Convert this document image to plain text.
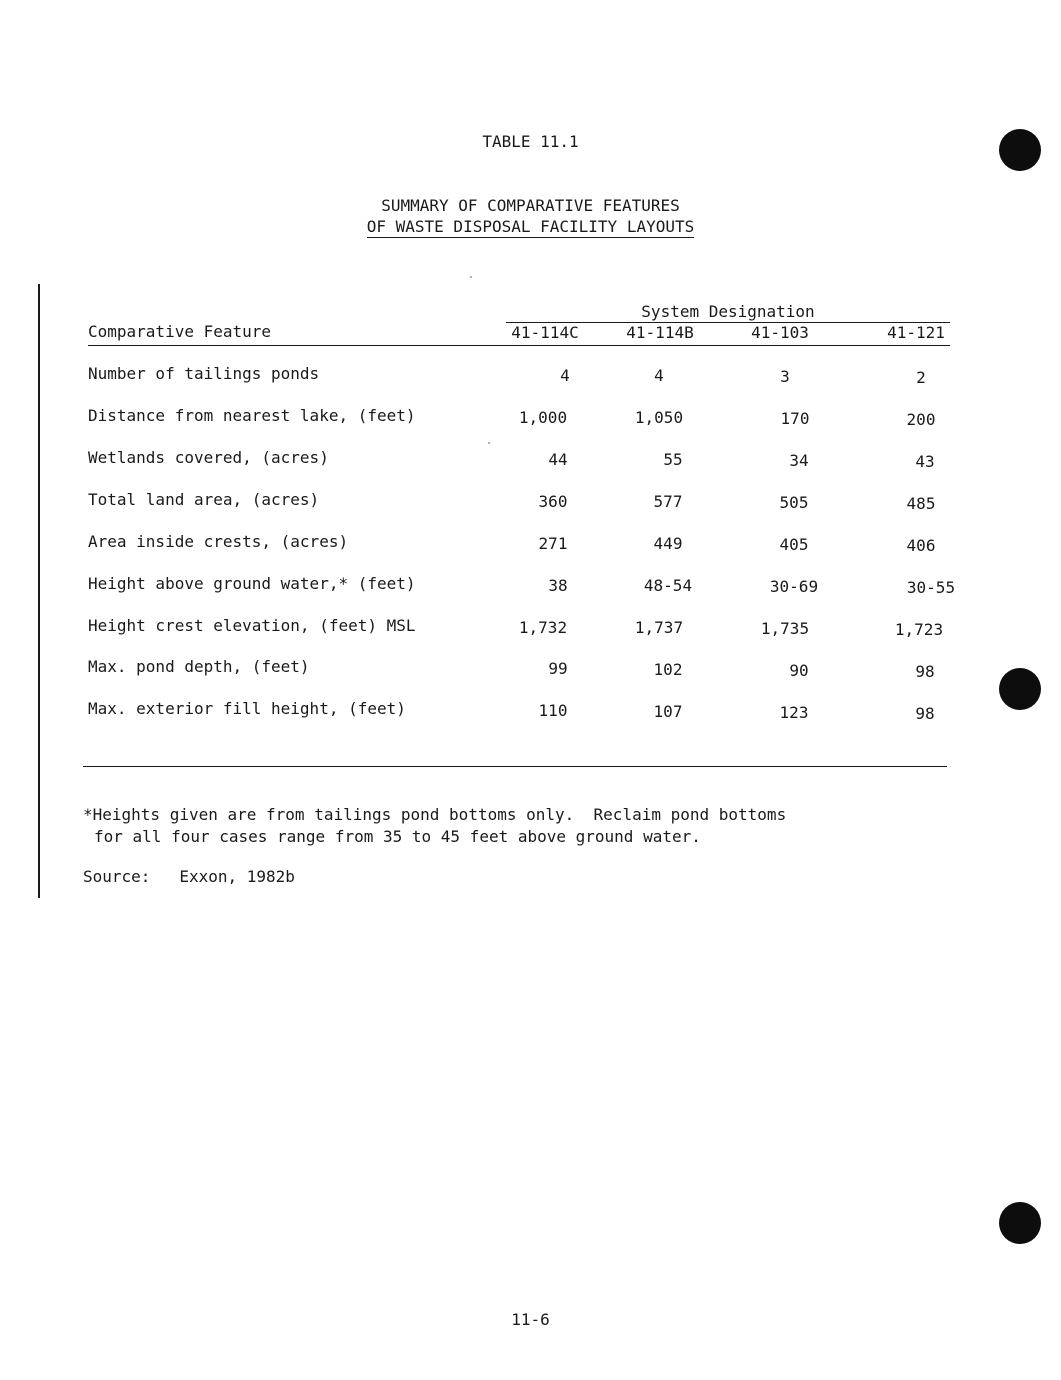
TABLE 11.1
SUMMARY OF COMPARATIVE FEATURES
OF WASTE DISPOSAL FACILITY LAYOUTS
System Designation
Comparative Feature	41-114C	41-114B	41-103	41-121
Number of tailings ponds	4	4	3	2
Distance from nearest lake, (feet)	1,000	1,050	170	200
Wetlands covered, (acres)	44	55	34	43
Total land area, (acres)	360	577	505	485
Area inside crests, (acres)	271	449	405	406
Height above ground water,* (feet)	38	48-54	30-69	30-55
Height crest elevation, (feet) MSL	1,732	1,737	1,735	1,723
Max. pond depth, (feet)	99	102	90	98
Max. exterior fill height, (feet)	110	107	123	98
*Heights given are from tailings pond bottoms only.  Reclaim pond bottoms
for all four cases range from 35 to 45 feet above ground water.
Source: Exxon, 1982b
11-6
